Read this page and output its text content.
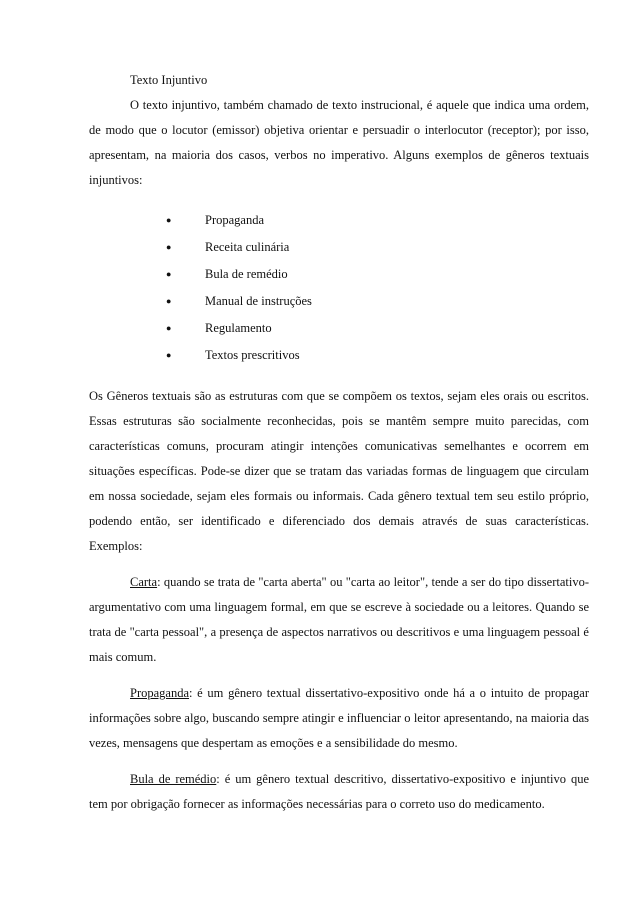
Texto Injuntivo

O texto injuntivo, também chamado de texto instrucional, é aquele que indica uma ordem, de modo que o locutor (emissor) objetiva orientar e persuadir o interlocutor (receptor); por isso, apresentam, na maioria dos casos, verbos no imperativo. Alguns exemplos de gêneros textuais injuntivos:

●	Propaganda
●	Receita culinária
●	Bula de remédio
●	Manual de instruções
●	Regulamento
●	Textos prescritivos

Os Gêneros textuais são as estruturas com que se compõem os textos, sejam eles orais ou escritos. Essas estruturas são socialmente reconhecidas, pois se mantêm sempre muito parecidas, com características comuns, procuram atingir intenções comunicativas semelhantes e ocorrem em situações específicas. Pode-se dizer que se tratam das variadas formas de linguagem que circulam em nossa sociedade, sejam eles formais ou informais. Cada gênero textual tem seu estilo próprio, podendo então, ser identificado e diferenciado dos demais através de suas características. Exemplos:

Carta: quando se trata de "carta aberta" ou "carta ao leitor", tende a ser do tipo dissertativo-argumentativo com uma linguagem formal, em que se escreve à sociedade ou a leitores. Quando se trata de "carta pessoal", a presença de aspectos narrativos ou descritivos e uma linguagem pessoal é mais comum.

Propaganda: é um gênero textual dissertativo-expositivo onde há a o intuito de propagar informações sobre algo, buscando sempre atingir e influenciar o leitor apresentando, na maioria das vezes, mensagens que despertam as emoções e a sensibilidade do mesmo.

Bula de remédio: é um gênero textual descritivo, dissertativo-expositivo e injuntivo que tem por obrigação fornecer as informações necessárias para o correto uso do medicamento.
